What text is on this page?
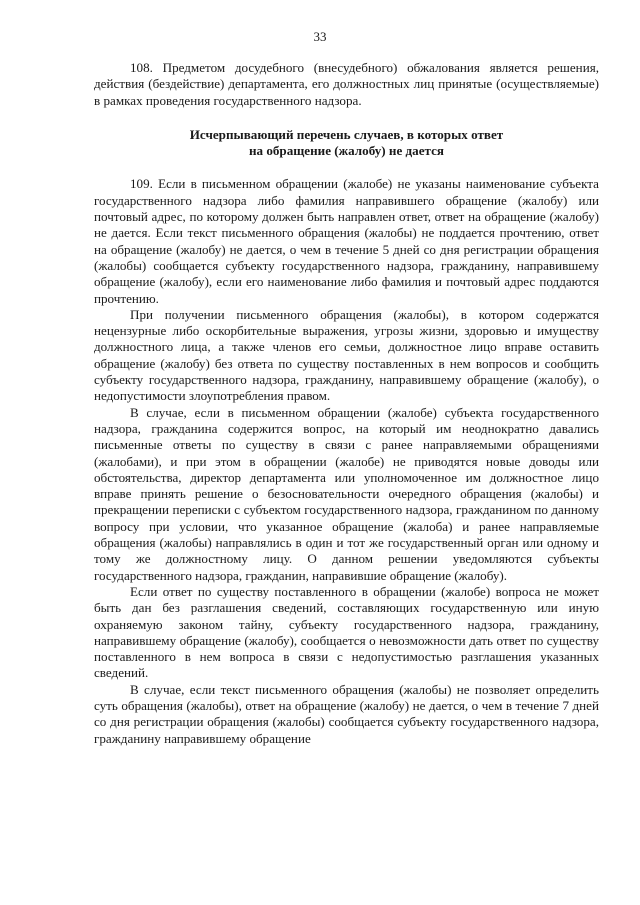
33

108. Предметом досудебного (внесудебного) обжалования является решения, действия (бездействие) департамента, его должностных лиц принятые (осуществляемые) в рамках проведения государственного надзора.

Исчерпывающий перечень случаев, в которых ответ
на обращение (жалобу) не дается

109. Если в письменном обращении (жалобе) не указаны наименование субъекта государственного надзора либо фамилия направившего обращение (жалобу) или почтовый адрес, по которому должен быть направлен ответ, ответ на обращение (жалобу) не дается. Если текст письменного обращения (жалобы) не поддается прочтению, ответ на обращение (жалобу) не дается, о чем в течение 5 дней со дня регистрации обращения (жалобы) сообщается субъекту государственного надзора, гражданину, направившему обращение (жалобу), если его наименование либо фамилия и почтовый адрес поддаются прочтению.

При получении письменного обращения (жалобы), в котором содержатся нецензурные либо оскорбительные выражения, угрозы жизни, здоровью и имуществу должностного лица, а также членов его семьи, должностное лицо вправе оставить обращение (жалобу) без ответа по существу поставленных в нем вопросов и сообщить субъекту государственного надзора, гражданину, направившему обращение (жалобу), о недопустимости злоупотребления правом.

В случае, если в письменном обращении (жалобе) субъекта государственного надзора, гражданина содержится вопрос, на который им неоднократно давались письменные ответы по существу в связи с ранее направляемыми обращениями (жалобами), и при этом в обращении (жалобе) не приводятся новые доводы или обстоятельства, директор департамента или уполномоченное им должностное лицо вправе принять решение о безосновательности очередного обращения (жалобы) и прекращении переписки с субъектом государственного надзора, гражданином по данному вопросу при условии, что указанное обращение (жалоба) и ранее направляемые обращения (жалобы) направлялись в один и тот же государственный орган или одному и тому же должностному лицу. О данном решении уведомляются субъекты государственного надзора, гражданин, направившие обращение (жалобу).

Если ответ по существу поставленного в обращении (жалобе) вопроса не может быть дан без разглашения сведений, составляющих государственную или иную охраняемую законом тайну, субъекту государственного надзора, гражданину, направившему обращение (жалобу), сообщается о невозможности дать ответ по существу поставленного в нем вопроса в связи с недопустимостью разглашения указанных сведений.

В случае, если текст письменного обращения (жалобы) не позволяет определить суть обращения (жалобы), ответ на обращение (жалобу) не дается, о чем в течение 7 дней со дня регистрации обращения (жалобы) сообщается субъекту государственного надзора, гражданину направившему обращение
